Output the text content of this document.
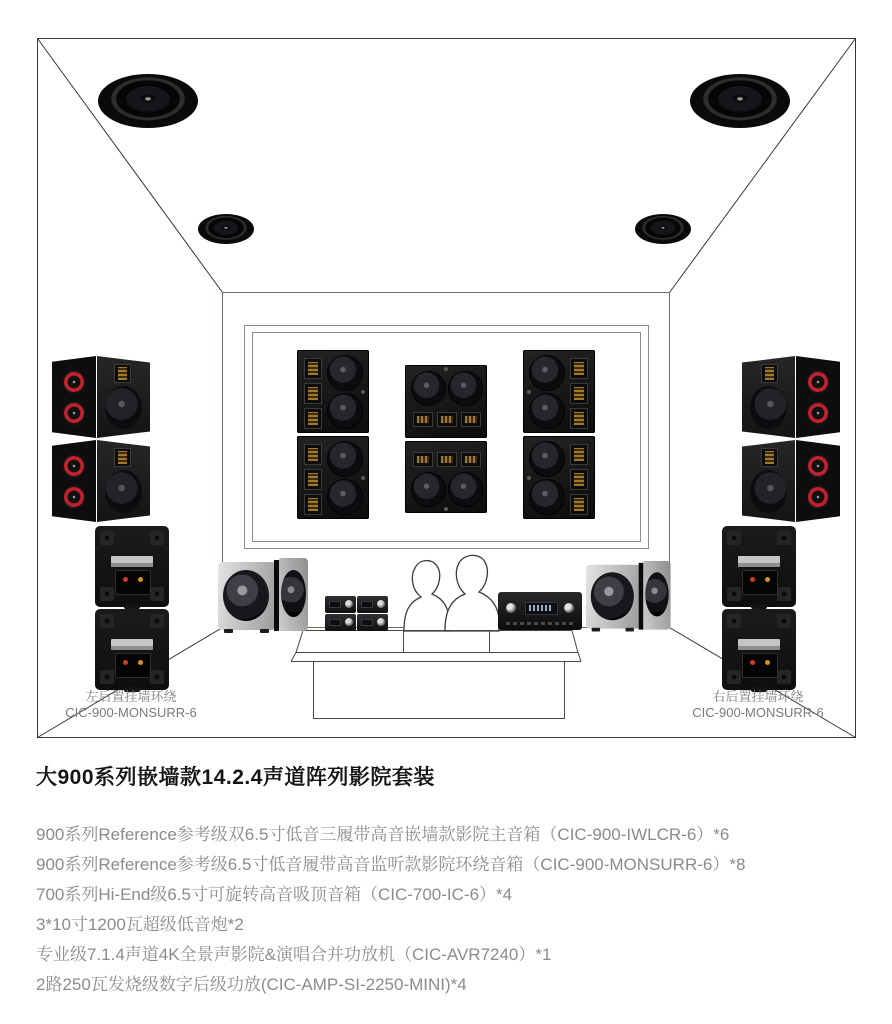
左后置挂墙环绕
CIC-900-MONSURR-6
右后置挂墙环绕
CIC-900-MONSURR-6
大900系列嵌墙款14.2.4声道阵列影院套装
900系列Reference参考级双6.5寸低音三履带高音嵌墙款影院主音箱（CIC-900-IWLCR-6）*6
900系列Reference参考级6.5寸低音履带高音监听款影院环绕音箱（CIC-900-MONSURR-6）*8
700系列Hi-End级6.5寸可旋转高音吸顶音箱（CIC-700-IC-6）*4
3*10寸1200瓦超级低音炮*2
专业级7.1.4声道4K全景声影院&演唱合并功放机（CIC-AVR7240）*1
2路250瓦发烧级数字后级功放(CIC-AMP-SI-2250-MINI)*4
